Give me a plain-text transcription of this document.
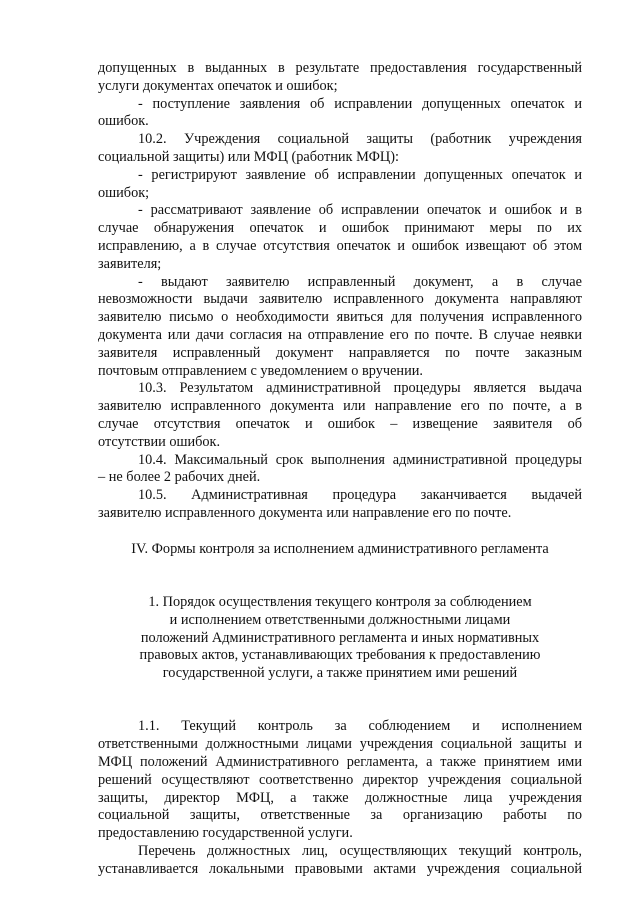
допущенных в выданных в результате предоставления государственный
услуги документах опечаток и ошибок;
- поступление заявления об исправлении допущенных опечаток и
ошибок.
10.2. Учреждения социальной защиты (работник учреждения
социальной защиты) или МФЦ (работник МФЦ):
- регистрируют заявление об исправлении допущенных опечаток и
ошибок;
- рассматривают заявление об исправлении опечаток и ошибок и в
случае обнаружения опечаток и ошибок принимают меры по их
исправлению, а в случае отсутствия опечаток и ошибок извещают об этом
заявителя;
- выдают заявителю исправленный документ, а в случае
невозможности выдачи заявителю исправленного документа направляют
заявителю письмо о необходимости явиться для получения исправленного
документа или дачи согласия на отправление его по почте. В случае неявки
заявителя исправленный документ направляется по почте заказным
почтовым отправлением с уведомлением о вручении.
10.3. Результатом административной процедуры является выдача
заявителю исправленного документа или направление его по почте, а в
случае отсутствия опечаток и ошибок – извещение заявителя об
отсутствии ошибок.
10.4. Максимальный срок выполнения административной процедуры
– не более 2 рабочих дней.
10.5. Административная процедура заканчивается выдачей
заявителю исправленного документа или направление его по почте.
IV. Формы контроля за исполнением административного регламента
1. Порядок осуществления текущего контроля за соблюдением
и исполнением ответственными должностными лицами
положений Административного регламента и иных нормативных
правовых актов, устанавливающих требования к предоставлению
государственной услуги, а также принятием ими решений
1.1. Текущий контроль за соблюдением и исполнением
ответственными должностными лицами учреждения социальной защиты и
МФЦ положений Административного регламента, а также принятием ими
решений осуществляют соответственно директор учреждения социальной
защиты, директор МФЦ, а также должностные лица учреждения
социальной защиты, ответственные за организацию работы по
предоставлению государственной услуги.
Перечень должностных лиц, осуществляющих текущий контроль,
устанавливается локальными правовыми актами учреждения социальной
